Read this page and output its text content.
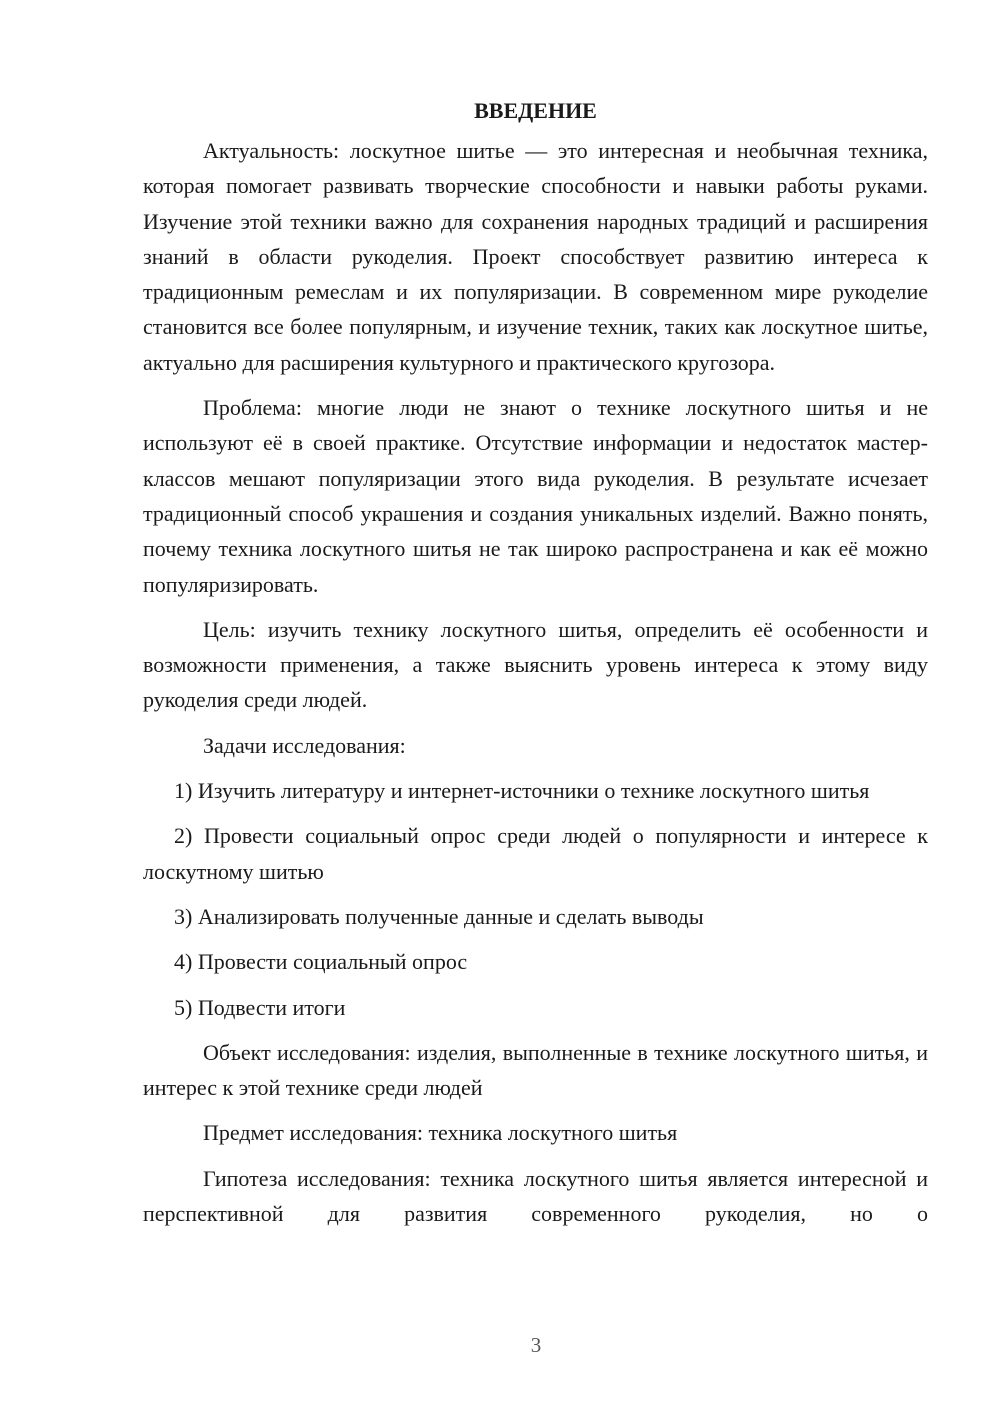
ВВЕДЕНИЕ

Актуальность: лоскутное шитье — это интересная и необычная техника, которая помогает развивать творческие способности и навыки работы руками. Изучение этой техники важно для сохранения народных традиций и расширения знаний в области рукоделия. Проект способствует развитию интереса к традиционным ремеслам и их популяризации. В современном мире рукоделие становится все более популярным, и изучение техник, таких как лоскутное шитье, актуально для расширения культурного и практического кругозора.

Проблема: многие люди не знают о технике лоскутного шитья и не используют её в своей практике. Отсутствие информации и недостаток мастер-классов мешают популяризации этого вида рукоделия. В результате исчезает традиционный способ украшения и создания уникальных изделий. Важно понять, почему техника лоскутного шитья не так широко распространена и как её можно популяризировать.

Цель: изучить технику лоскутного шитья, определить её особенности и возможности применения, а также выяснить уровень интереса к этому виду рукоделия среди людей.

Задачи исследования:

1) Изучить литературу и интернет-источники о технике лоскутного шитья

2) Провести социальный опрос среди людей о популярности и интересе к лоскутному шитью

3) Анализировать полученные данные и сделать выводы

4) Провести социальный опрос

5) Подвести итоги

Объект исследования: изделия, выполненные в технике лоскутного шитья, и интерес к этой технике среди людей

Предмет исследования: техника лоскутного шитья

Гипотеза исследования: техника лоскутного шитья является интересной и перспективной для развития современного рукоделия, но о

3
